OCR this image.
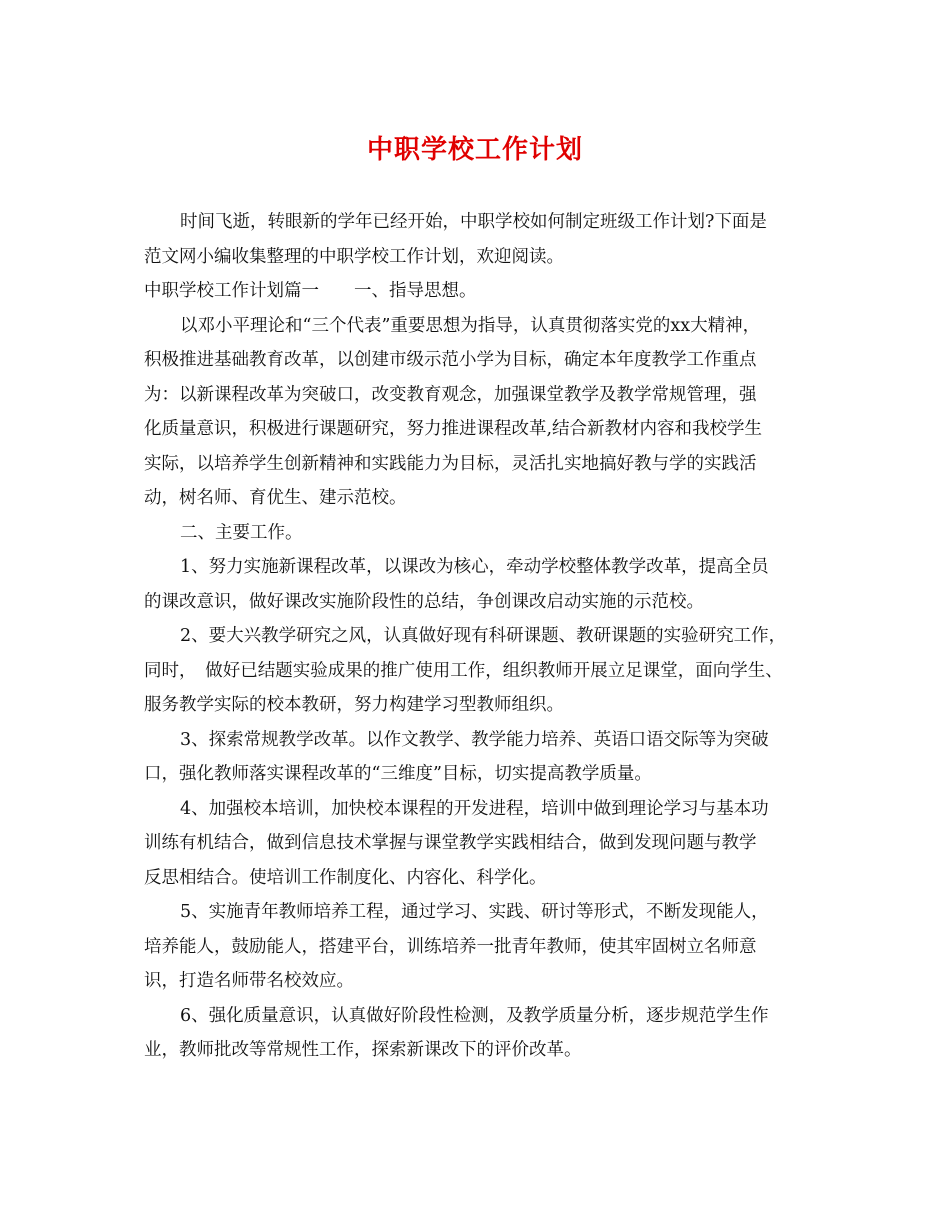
中职学校工作计划
时间飞逝，转眼新的学年已经开始，中职学校如何制定班级工作计划?下面是
范文网小编收集整理的中职学校工作计划，欢迎阅读。
中职学校工作计划篇一　　一、指导思想。
以邓小平理论和“三个代表”重要思想为指导，认真贯彻落实党的xx大精神，
积极推进基础教育改革，以创建市级示范小学为目标，确定本年度教学工作重点
为：以新课程改革为突破口，改变教育观念，加强课堂教学及教学常规管理，强
化质量意识，积极进行课题研究，努力推进课程改革,结合新教材内容和我校学生
实际，以培养学生创新精神和实践能力为目标，灵活扎实地搞好教与学的实践活
动，树名师、育优生、建示范校。
二、主要工作。
1、努力实施新课程改革，以课改为核心，牵动学校整体教学改革，提高全员
的课改意识，做好课改实施阶段性的总结，争创课改启动实施的示范校。
2、要大兴教学研究之风，认真做好现有科研课题、教研课题的实验研究工作，
同时，　做好已结题实验成果的推广使用工作，组织教师开展立足课堂，面向学生、
服务教学实际的校本教研，努力构建学习型教师组织。
3、探索常规教学改革。以作文教学、教学能力培养、英语口语交际等为突破
口，强化教师落实课程改革的“三维度”目标，切实提高教学质量。
4、加强校本培训，加快校本课程的开发进程，培训中做到理论学习与基本功
训练有机结合，做到信息技术掌握与课堂教学实践相结合，做到发现问题与教学
反思相结合。使培训工作制度化、内容化、科学化。
5、实施青年教师培养工程，通过学习、实践、研讨等形式，不断发现能人，
培养能人，鼓励能人，搭建平台，训练培养一批青年教师，使其牢固树立名师意
识，打造名师带名校效应。
6、强化质量意识，认真做好阶段性检测，及教学质量分析，逐步规范学生作
业，教师批改等常规性工作，探索新课改下的评价改革。
